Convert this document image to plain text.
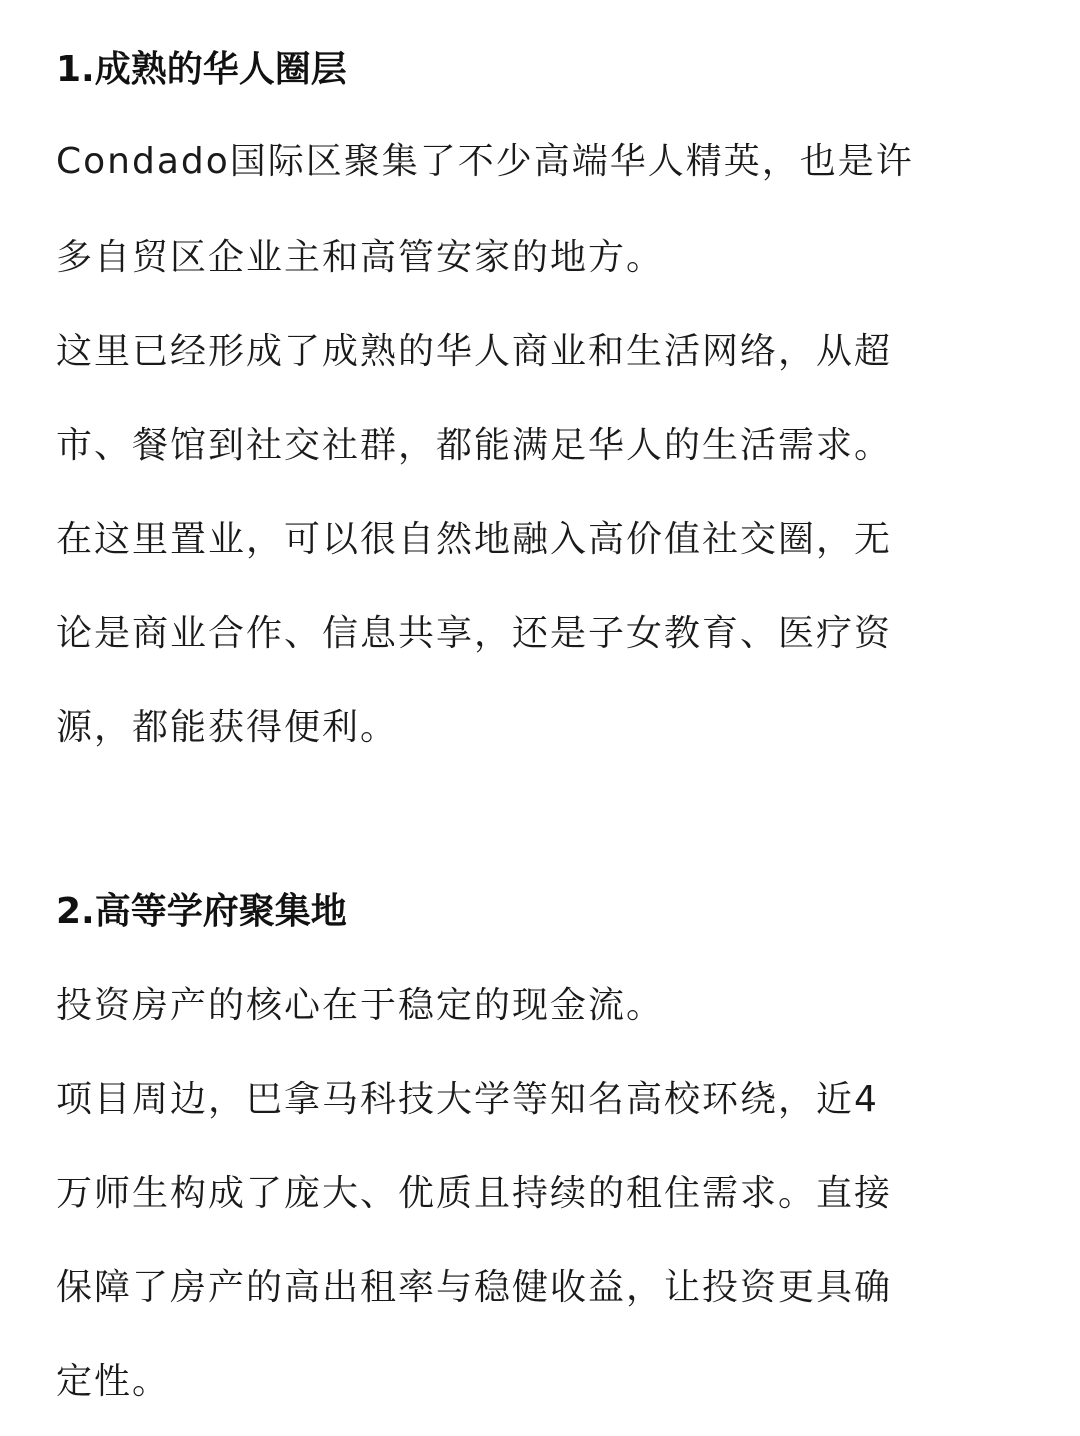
1.成熟的华人圈层

Condado国际区聚集了不少高端华人精英，也是许

多自贸区企业主和高管安家的地方。

这里已经形成了成熟的华人商业和生活网络，从超

市、餐馆到社交社群，都能满足华人的生活需求。

在这里置业，可以很自然地融入高价值社交圈，无

论是商业合作、信息共享，还是子女教育、医疗资

源，都能获得便利。

2.高等学府聚集地

投资房产的核心在于稳定的现金流。

项目周边，巴拿马科技大学等知名高校环绕，近4

万师生构成了庞大、优质且持续的租住需求。直接

保障了房产的高出租率与稳健收益，让投资更具确

定性。
